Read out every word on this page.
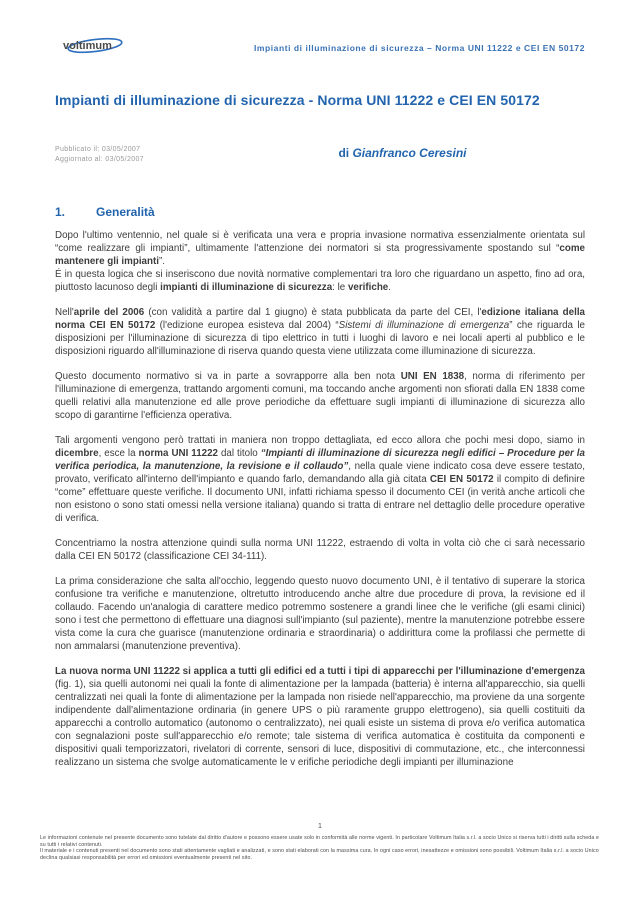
voltimum	Impianti di illuminazione di sicurezza – Norma UNI 11222 e CEI EN 50172
Impianti di illuminazione di sicurezza - Norma UNI 11222 e CEI EN 50172
Pubblicato il: 03/05/2007
Aggiornato al: 03/05/2007	di Gianfranco Ceresini
1.	Generalità

Dopo l'ultimo ventennio, nel quale si è verificata una vera e propria invasione normativa essenzialmente orientata sul “come realizzare gli impianti”, ultimamente l'attenzione dei normatori si sta progressivamente spostando sul “come mantenere gli impianti”.
É in questa logica che si inseriscono due novità normative complementari tra loro che riguardano un aspetto, fino ad ora, piuttosto lacunoso degli impianti di illuminazione di sicurezza: le verifiche.

Nell'aprile del 2006 (con validità a partire dal 1 giugno) è stata pubblicata da parte del CEI, l'edizione italiana della norma CEI EN 50172 (l'edizione europea esisteva dal 2004) “Sistemi di illuminazione di emergenza” che riguarda le disposizioni per l'illuminazione di sicurezza di tipo elettrico in tutti i luoghi di lavoro e nei locali aperti al pubblico e le disposizioni riguardo all'illuminazione di riserva quando questa viene utilizzata come illuminazione di sicurezza.

Questo documento normativo si va in parte a sovrapporre alla ben nota UNI EN 1838, norma di riferimento per l'illuminazione di emergenza, trattando argomenti comuni, ma toccando anche argomenti non sfiorati dalla EN 1838 come quelli relativi alla manutenzione ed alle prove periodiche da effettuare sugli impianti di illuminazione di sicurezza allo scopo di garantirne l'efficienza operativa.

Tali argomenti vengono però trattati in maniera non troppo dettagliata, ed ecco allora che pochi mesi dopo, siamo in dicembre, esce la norma UNI 11222 dal titolo “Impianti di illuminazione di sicurezza negli edifici – Procedure per la verifica periodica, la manutenzione, la revisione e il collaudo”, nella quale viene indicato cosa deve essere testato, provato, verificato all'interno dell'impianto e quando farlo, demandando alla già citata CEI EN 50172 il compito di definire “come” effettuare queste verifiche. Il documento UNI, infatti richiama spesso il documento CEI (in verità anche articoli che non esistono o sono stati omessi nella versione italiana) quando si tratta di entrare nel dettaglio delle procedure operative di verifica.

Concentriamo la nostra attenzione quindi sulla norma UNI 11222, estraendo di volta in volta ciò che ci sarà necessario dalla CEI EN 50172 (classificazione CEI 34-111).

La prima considerazione che salta all'occhio, leggendo questo nuovo documento UNI, è il tentativo di superare la storica confusione tra verifiche e manutenzione, oltretutto introducendo anche altre due procedure di prova, la revisione ed il collaudo. Facendo un'analogia di carattere medico potremmo sostenere a grandi linee che le verifiche (gli esami clinici) sono i test che permettono di effettuare una diagnosi sull'impianto (sul paziente), mentre la manutenzione potrebbe essere vista come la cura che guarisce (manutenzione ordinaria e straordinaria) o addirittura come la profilassi che permette di non ammalarsi (manutenzione preventiva).

La nuova norma UNI 11222 si applica a tutti gli edifici ed a tutti i tipi di apparecchi per l'illuminazione d'emergenza (fig. 1), sia quelli autonomi nei quali la fonte di alimentazione per la lampada (batteria) è interna all'apparecchio, sia quelli centralizzati nei quali la fonte di alimentazione per la lampada non risiede nell'apparecchio, ma proviene da una sorgente indipendente dall'alimentazione ordinaria (in genere UPS o più raramente gruppo elettrogeno), sia quelli costituiti da apparecchi a controllo automatico (autonomo o centralizzato), nei quali esiste un sistema di prova e/o verifica automatica con segnalazioni poste sull'apparecchio e/o remote; tale sistema di verifica automatica è costituita da componenti e dispositivi quali temporizzatori, rivelatori di corrente, sensori di luce, dispositivi di commutazione, etc., che interconnessi realizzano un sistema che svolge automaticamente le v erifiche periodiche degli impianti per illuminazione

1
Le informazioni contenute nel presente documento sono tutelate dal diritto d'autore e possono essere usate solo in conformità alle norme vigenti. In particolare Voltimum Italia s.r.l. a socio Unico si riserva tutti i diritti sulla scheda e su tutti i relativi contenuti.
Il materiale e i contenuti presenti nel documento sono stati attentamente vagliati e analizzati, e sono stati elaborati con la massima cura. In ogni caso errori, inesattezze e omissioni sono possibili. Voltimum Italia s.r.l. a socio Unico declina qualsiasi responsabilità per errori ed omissioni eventualmente presenti nel sito.
